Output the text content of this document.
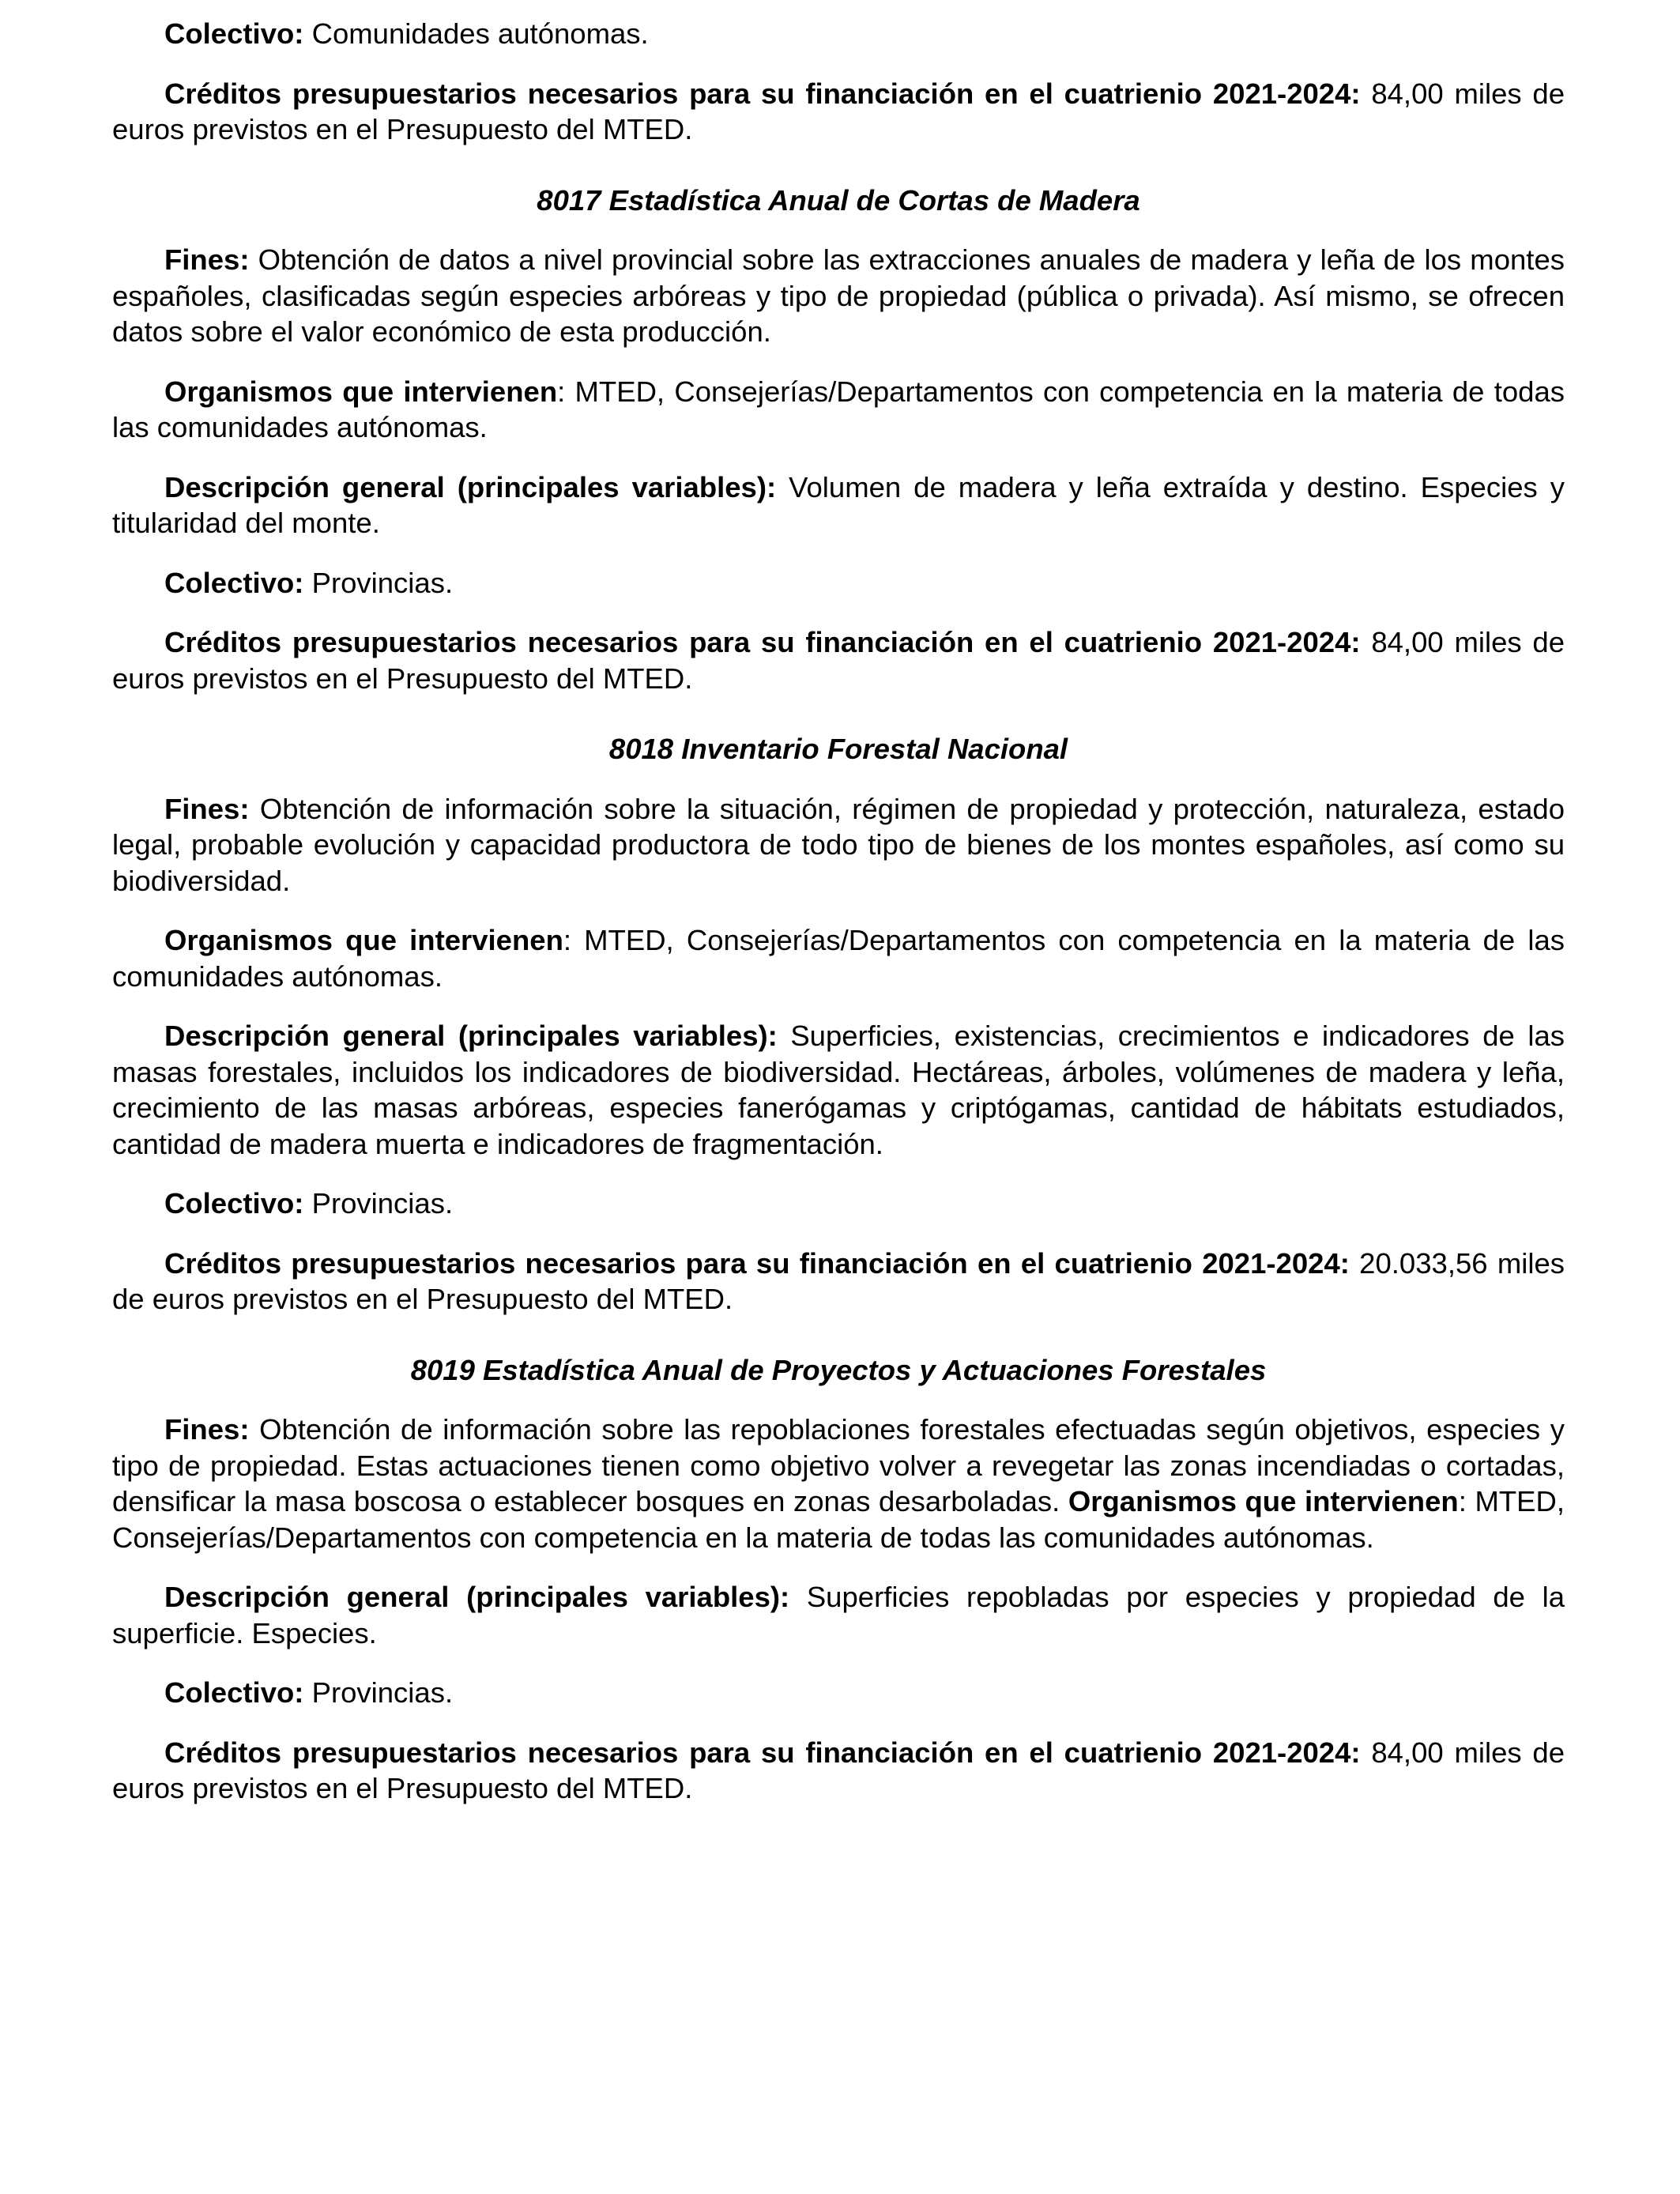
Colectivo: Comunidades autónomas.

Créditos presupuestarios necesarios para su financiación en el cuatrienio 2021-2024: 84,00 miles de euros previstos en el Presupuesto del MTED.

8017 Estadística Anual de Cortas de Madera

Fines: Obtención de datos a nivel provincial sobre las extracciones anuales de madera y leña de los montes españoles, clasificadas según especies arbóreas y tipo de propiedad (pública o privada). Así mismo, se ofrecen datos sobre el valor económico de esta producción.

Organismos que intervienen: MTED, Consejerías/Departamentos con competencia en la materia de todas las comunidades autónomas.

Descripción general (principales variables): Volumen de madera y leña extraída y destino. Especies y titularidad del monte.

Colectivo: Provincias.

Créditos presupuestarios necesarios para su financiación en el cuatrienio 2021-2024: 84,00 miles de euros previstos en el Presupuesto del MTED.

8018 Inventario Forestal Nacional

Fines: Obtención de información sobre la situación, régimen de propiedad y protección, naturaleza, estado legal, probable evolución y capacidad productora de todo tipo de bienes de los montes españoles, así como su biodiversidad.

Organismos que intervienen: MTED, Consejerías/Departamentos con competencia en la materia de las comunidades autónomas.

Descripción general (principales variables): Superficies, existencias, crecimientos e indicadores de las masas forestales, incluidos los indicadores de biodiversidad. Hectáreas, árboles, volúmenes de madera y leña, crecimiento de las masas arbóreas, especies fanerógamas y criptógamas, cantidad de hábitats estudiados, cantidad de madera muerta e indicadores de fragmentación.

Colectivo: Provincias.

Créditos presupuestarios necesarios para su financiación en el cuatrienio 2021-2024: 20.033,56 miles de euros previstos en el Presupuesto del MTED.

8019 Estadística Anual de Proyectos y Actuaciones Forestales

Fines: Obtención de información sobre las repoblaciones forestales efectuadas según objetivos, especies y tipo de propiedad. Estas actuaciones tienen como objetivo volver a revegetar las zonas incendiadas o cortadas, densificar la masa boscosa o establecer bosques en zonas desarboladas. Organismos que intervienen: MTED, Consejerías/Departamentos con competencia en la materia de todas las comunidades autónomas.

Descripción general (principales variables): Superficies repobladas por especies y propiedad de la superficie. Especies.

Colectivo: Provincias.

Créditos presupuestarios necesarios para su financiación en el cuatrienio 2021-2024: 84,00 miles de euros previstos en el Presupuesto del MTED.
